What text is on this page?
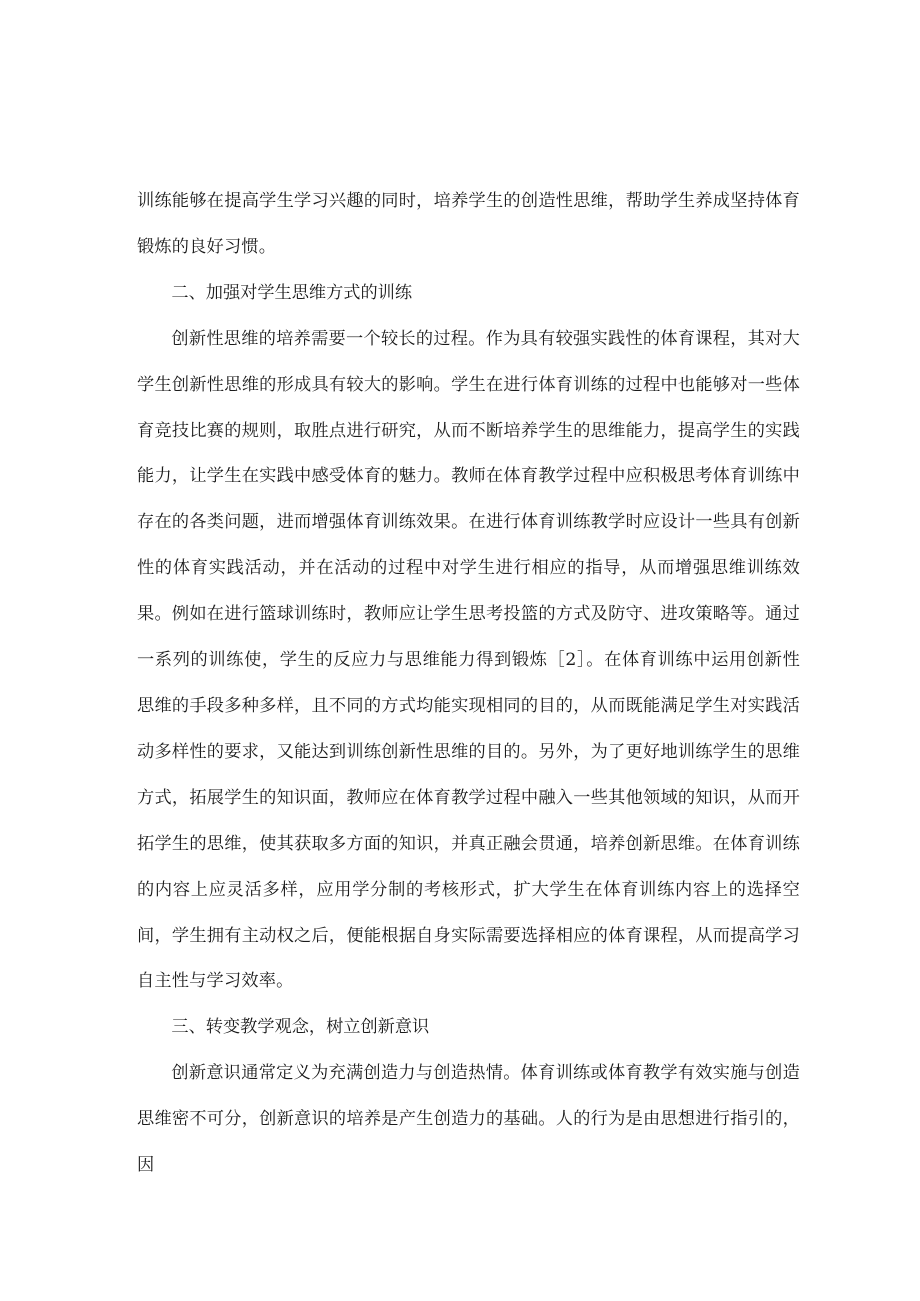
训练能够在提高学生学习兴趣的同时，培养学生的创造性思维，帮助学生养成坚持体育锻炼的良好习惯。

二、加强对学生思维方式的训练

创新性思维的培养需要一个较长的过程。作为具有较强实践性的体育课程，其对大学生创新性思维的形成具有较大的影响。学生在进行体育训练的过程中也能够对一些体育竞技比赛的规则，取胜点进行研究，从而不断培养学生的思维能力，提高学生的实践能力，让学生在实践中感受体育的魅力。教师在体育教学过程中应积极思考体育训练中存在的各类问题，进而增强体育训练效果。在进行体育训练教学时应设计一些具有创新性的体育实践活动，并在活动的过程中对学生进行相应的指导，从而增强思维训练效果。例如在进行篮球训练时，教师应让学生思考投篮的方式及防守、进攻策略等。通过一系列的训练使，学生的反应力与思维能力得到锻炼［2］。在体育训练中运用创新性思维的手段多种多样，且不同的方式均能实现相同的目的，从而既能满足学生对实践活动多样性的要求，又能达到训练创新性思维的目的。另外，为了更好地训练学生的思维方式，拓展学生的知识面，教师应在体育教学过程中融入一些其他领域的知识，从而开拓学生的思维，使其获取多方面的知识，并真正融会贯通，培养创新思维。在体育训练的内容上应灵活多样，应用学分制的考核形式，扩大学生在体育训练内容上的选择空间，学生拥有主动权之后，便能根据自身实际需要选择相应的体育课程，从而提高学习自主性与学习效率。

三、转变教学观念，树立创新意识

创新意识通常定义为充满创造力与创造热情。体育训练或体育教学有效实施与创造思维密不可分，创新意识的培养是产生创造力的基础。人的行为是由思想进行指引的，因
